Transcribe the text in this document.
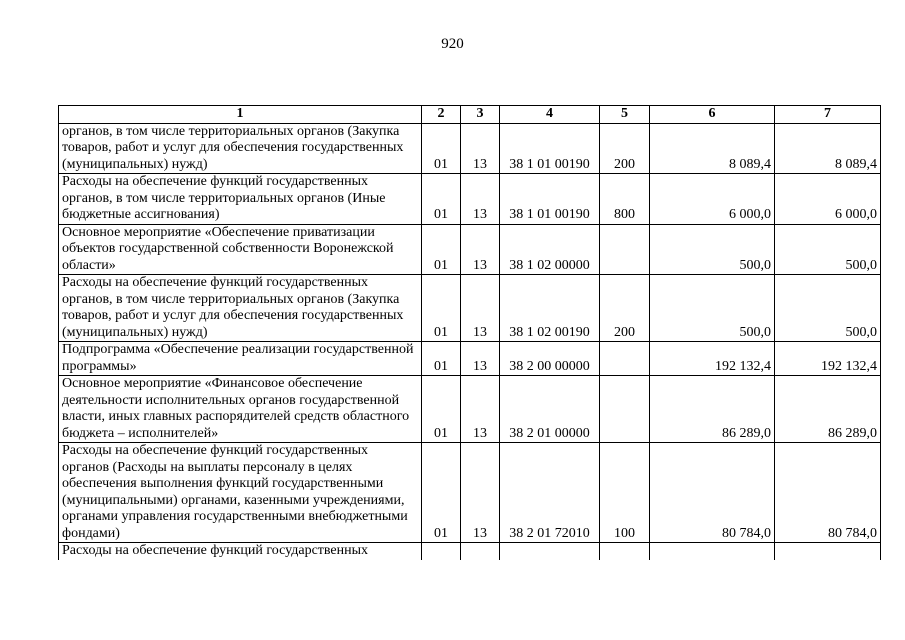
920
1	2	3	4	5	6	7
органов, в том числе территориальных органов (Закупка товаров, работ и услуг для обеспечения государственных (муниципальных) нужд)	01	13	38 1 01 00190	200	8 089,4	8 089,4
Расходы на обеспечение функций государственных органов, в том числе территориальных органов (Иные бюджетные ассигнования)	01	13	38 1 01 00190	800	6 000,0	6 000,0
Основное мероприятие «Обеспечение приватизации объектов государственной собственности Воронежской области»	01	13	38 1 02 00000		500,0	500,0
Расходы на обеспечение функций государственных органов, в том числе территориальных органов (Закупка товаров, работ и услуг для обеспечения государственных (муниципальных) нужд)	01	13	38 1 02 00190	200	500,0	500,0
Подпрограмма «Обеспечение реализации государственной программы»	01	13	38 2 00 00000		192 132,4	192 132,4
Основное мероприятие «Финансовое обеспечение деятельности исполнительных органов государственной власти, иных главных распорядителей средств областного бюджета – исполнителей»	01	13	38 2 01 00000		86 289,0	86 289,0
Расходы на обеспечение функций государственных органов (Расходы на выплаты персоналу в целях обеспечения выполнения функций государственными (муниципальными) органами, казенными учреждениями, органами управления государственными внебюджетными фондами)	01	13	38 2 01 72010	100	80 784,0	80 784,0
Расходы на обеспечение функций государственных						
